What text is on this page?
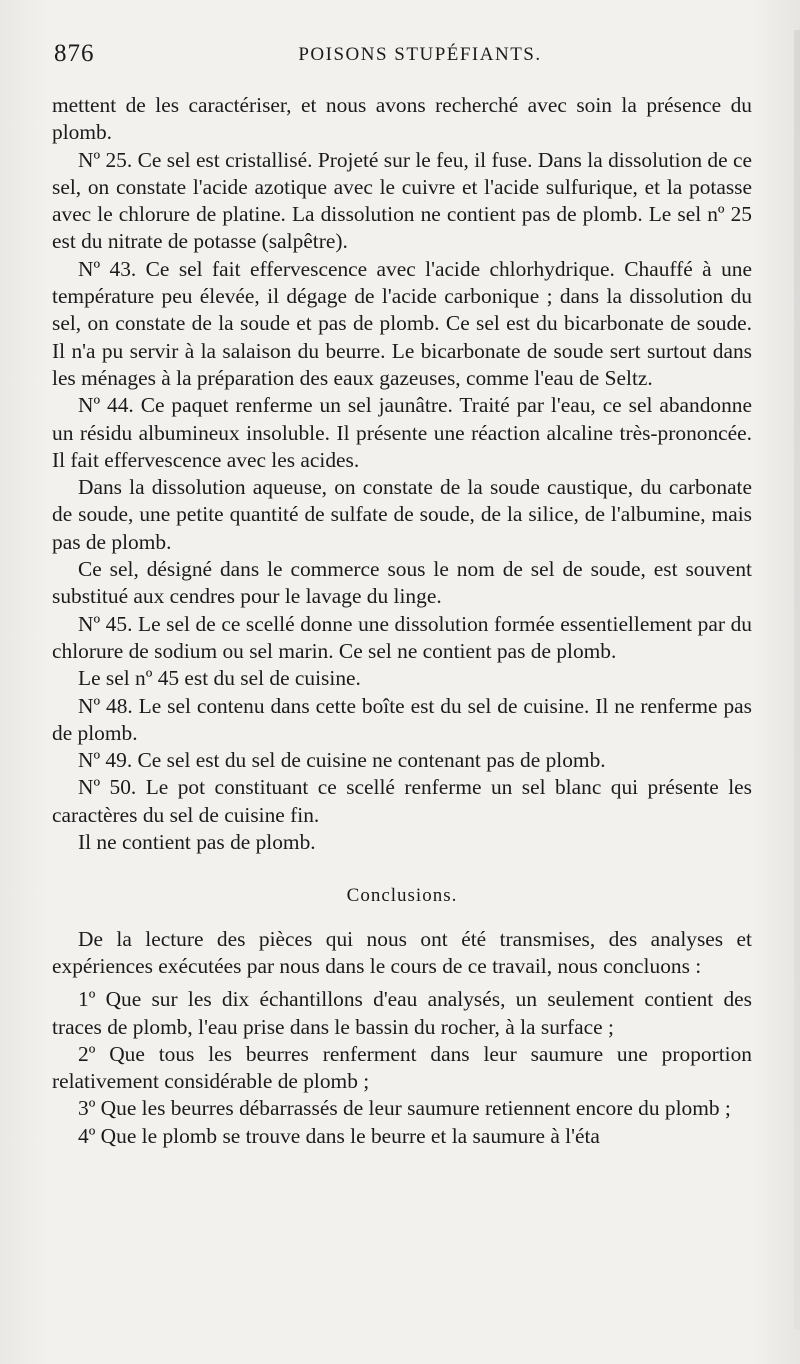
876	POISONS STUPÉFIANTS.

mettent de les caractériser, et nous avons recherché avec soin la présence du plomb.

Nº 25. Ce sel est cristallisé. Projeté sur le feu, il fuse. Dans la dissolution de ce sel, on constate l'acide azotique avec le cuivre et l'acide sulfurique, et la potasse avec le chlorure de platine. La dissolution ne contient pas de plomb. Le sel nº 25 est du nitrate de potasse (salpêtre).

Nº 43. Ce sel fait effervescence avec l'acide chlorhydrique. Chauffé à une température peu élevée, il dégage de l'acide carbonique ; dans la dissolution du sel, on constate de la soude et pas de plomb. Ce sel est du bicarbonate de soude. Il n'a pu servir à la salaison du beurre. Le bicarbonate de soude sert surtout dans les ménages à la préparation des eaux gazeuses, comme l'eau de Seltz.

Nº 44. Ce paquet renferme un sel jaunâtre. Traité par l'eau, ce sel abandonne un résidu albumineux insoluble. Il présente une réaction alcaline très-prononcée. Il fait effervescence avec les acides.

Dans la dissolution aqueuse, on constate de la soude caustique, du carbonate de soude, une petite quantité de sulfate de soude, de la silice, de l'albumine, mais pas de plomb.

Ce sel, désigné dans le commerce sous le nom de sel de soude, est souvent substitué aux cendres pour le lavage du linge.

Nº 45. Le sel de ce scellé donne une dissolution formée essentiellement par du chlorure de sodium ou sel marin. Ce sel ne contient pas de plomb.

Le sel nº 45 est du sel de cuisine.

Nº 48. Le sel contenu dans cette boîte est du sel de cuisine. Il ne renferme pas de plomb.

Nº 49. Ce sel est du sel de cuisine ne contenant pas de plomb.

Nº 50. Le pot constituant ce scellé renferme un sel blanc qui présente les caractères du sel de cuisine fin.

Il ne contient pas de plomb.

Conclusions.

De la lecture des pièces qui nous ont été transmises, des analyses et expériences exécutées par nous dans le cours de ce travail, nous concluons :

1º Que sur les dix échantillons d'eau analysés, un seulement contient des traces de plomb, l'eau prise dans le bassin du rocher, à la surface ;

2º Que tous les beurres renferment dans leur saumure une proportion relativement considérable de plomb ;

3º Que les beurres débarrassés de leur saumure retiennent encore du plomb ;

4º Que le plomb se trouve dans le beurre et la saumure à l'éta
